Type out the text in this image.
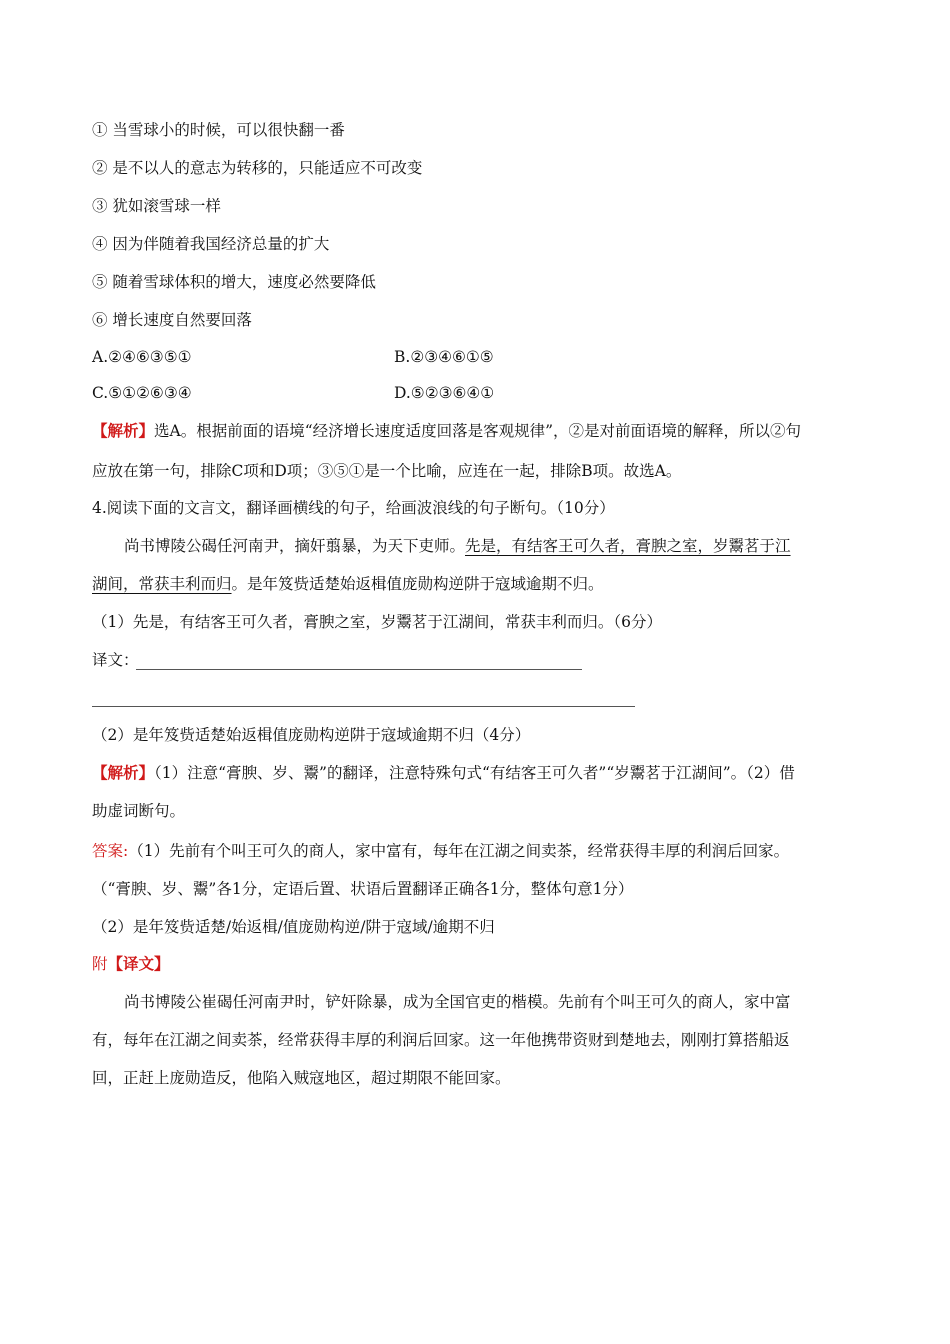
① 当雪球小的时候，可以很快翻一番
② 是不以人的意志为转移的，只能适应不可改变
③ 犹如滚雪球一样
④ 因为伴随着我国经济总量的扩大
⑤ 随着雪球体积的增大，速度必然要降低
⑥ 增长速度自然要回落
A.②④⑥③⑤①	B.②③④⑥①⑤
C.⑤①②⑥③④	D.⑤②③⑥④①
【解析】选A。根据前面的语境“经济增长速度适度回落是客观规律”，②是对前面语境的解释，所以②句
应放在第一句，排除C项和D项；③⑤①是一个比喻，应连在一起，排除B项。故选A。
4.阅读下面的文言文，翻译画横线的句子，给画波浪线的句子断句。（10分）
尚书博陵公碣任河南尹，摘奸翦暴，为天下吏师。先是，有结客王可久者，膏腴之室，岁鬻茗于江
湖间，常获丰利而归。是年笈赀适楚始返楫值庞勋构逆阱于寇域逾期不归。
（1）先是，有结客王可久者，膏腴之室，岁鬻茗于江湖间，常获丰利而归。（6分）
译文：
（2）是年笈赀适楚始返楫值庞勋构逆阱于寇域逾期不归（4分）
【解析】（1）注意“膏腴、岁、鬻”的翻译，注意特殊句式“有结客王可久者”“岁鬻茗于江湖间”。（2）借
助虚词断句。
答案:（1）先前有个叫王可久的商人，家中富有，每年在江湖之间卖茶，经常获得丰厚的利润后回家。
（“膏腴、岁、鬻”各1分，定语后置、状语后置翻译正确各1分，整体句意1分）
（2）是年笈赀适楚/始返楫/值庞勋构逆/阱于寇域/逾期不归
附【译文】
尚书博陵公崔碣任河南尹时，铲奸除暴，成为全国官吏的楷模。先前有个叫王可久的商人，家中富
有，每年在江湖之间卖茶，经常获得丰厚的利润后回家。这一年他携带资财到楚地去，刚刚打算搭船返
回，正赶上庞勋造反，他陷入贼寇地区，超过期限不能回家。
